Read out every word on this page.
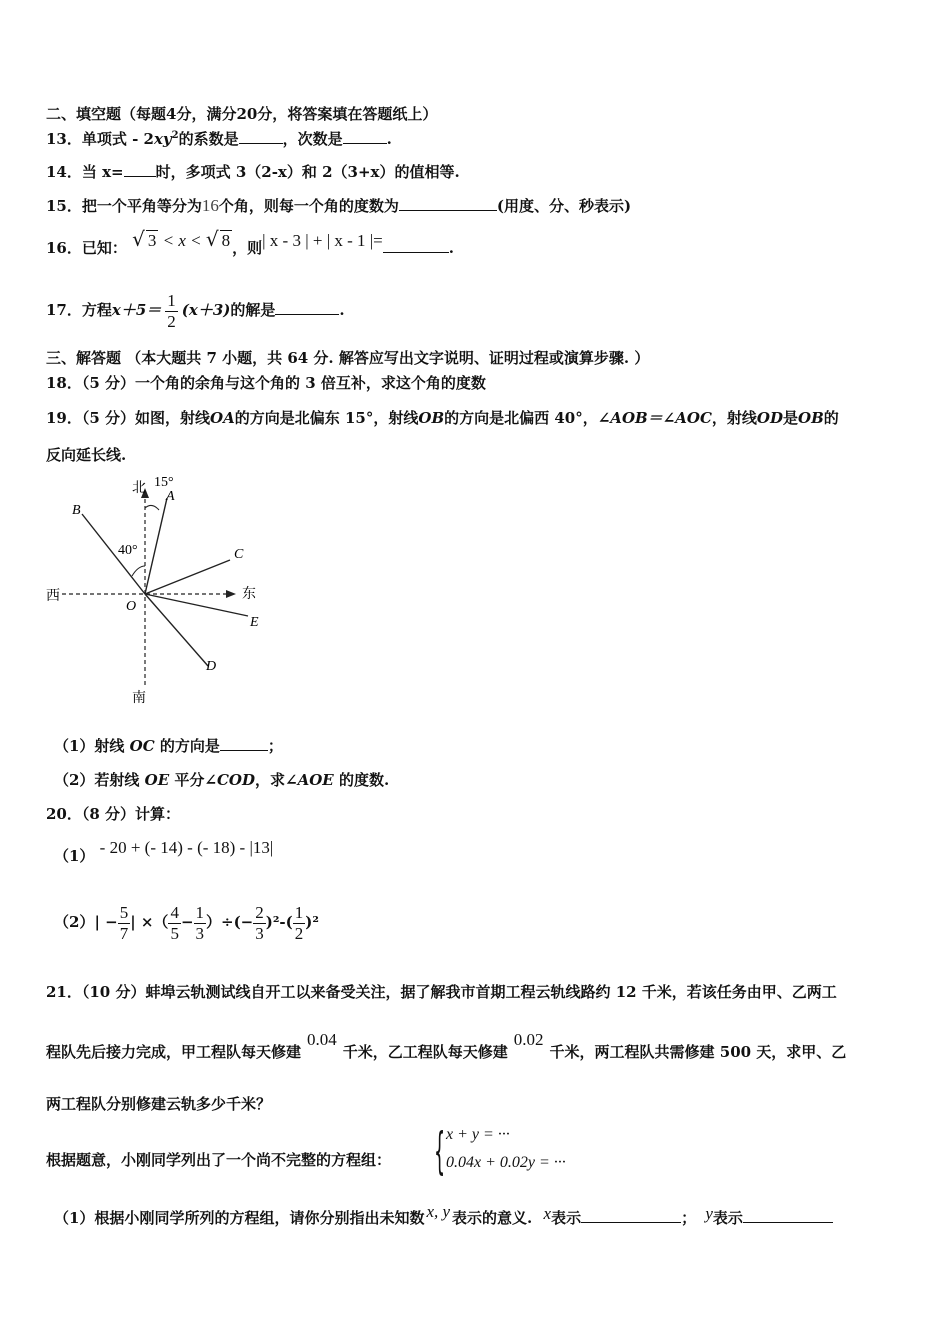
二、填空题（每题4分，满分20分，将答案填在答题纸上）
13．单项式 - $2xy^2$的系数是	，次数是	.
14．当 x= 时，多项式 3（2-x）和 2（3+x）的值相等.
15．把一个平角等分为16个角，则每一个角的度数为	(用度、分、秒表示)
16．已知： √ 3 < x < √ 8 ，则| x - 3 | + | x - 1 |=	.
17．方程$x+5= \frac{1}{2} (x+3)$的解是	.
三、解答题 （本大题共 7 小题，共 64 分. 解答应写出文字说明、证明过程或演算步骤. ）
18．（5 分）一个角的余角与这个角的 3 倍互补，求这个角的度数
19．（5 分）如图，射线OA的方向是北偏东 15°，射线OB的方向是北偏西 40°，∠AOB＝∠AOC，射线OD是OB的
反向延长线.
北
南
东
西
15°
40°
A
B
C
D
E
O
（1）射线 OC 的方向是	；
（2）若射线 OE 平分∠COD，求∠AOE 的度数.
20．（8 分）计算：
（1） - 20 + (- 14) - (- 18) - |13|
$(2)| - \frac{5}{7}$ | ×（ $\frac{4}{5} - \frac{1}{3}$ ）÷(− $\frac{2}{3} )^2-( \frac{1}{2} )^2$
21．（10 分）蚌埠云轨测试线自开工以来备受关注，据了解我市首期工程云轨线路约 12 千米，若该任务由甲、乙两工
程队先后接力完成，甲工程队每天修建0.04千米，乙工程队每天修建0.02千米，两工程队共需修建 500 天，求甲、乙
两工程队分别修建云轨多少千米？
根据题意，小刚同学列出了一个尚不完整的方程组： { x + y = ···
0.04x + 0.02y = ···
（1）根据小刚同学所列的方程组，请你分别指出未知数 x, y 表示的意义. x表示	； y表示
